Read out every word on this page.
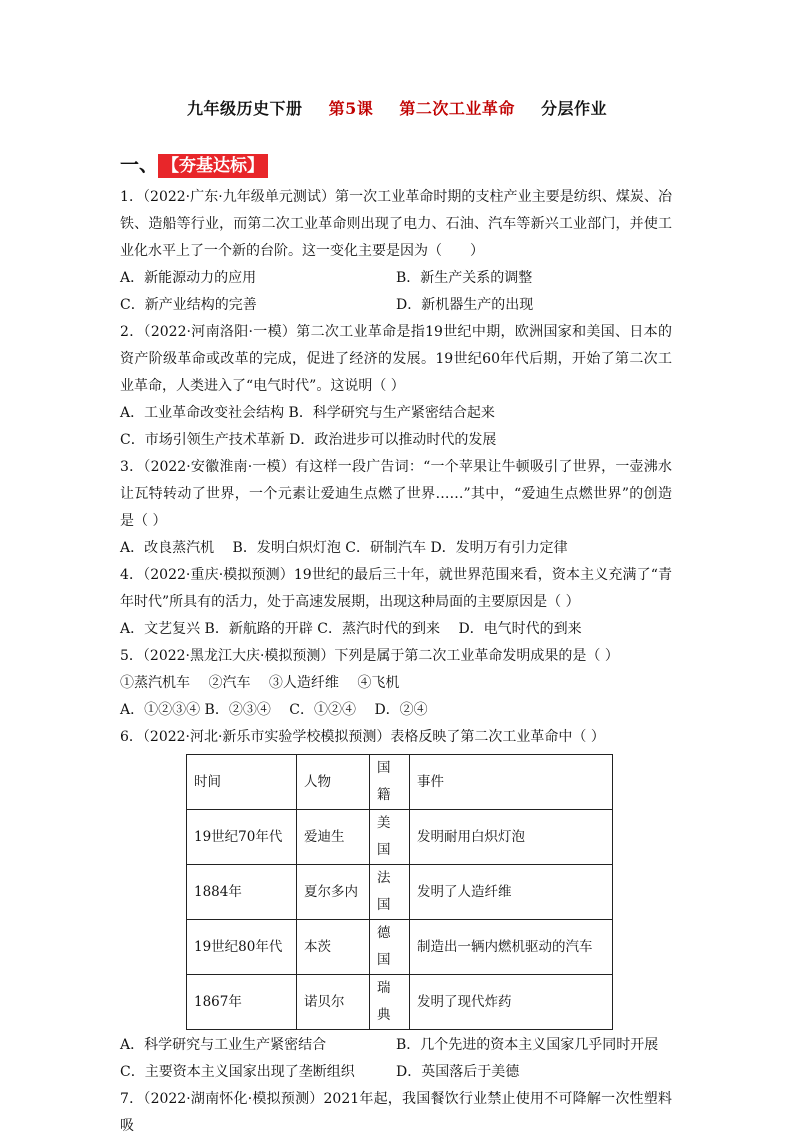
九年级历史下册 第5课 第二次工业革命 分层作业
一、 【夯基达标】

1．（2022·广东·九年级单元测试）第一次工业革命时期的支柱产业主要是纺织、煤炭、冶铁、造船等行业，而第二次工业革命则出现了电力、石油、汽车等新兴工业部门，并使工业化水平上了一个新的台阶。这一变化主要是因为（　　）

A．新能源动力的应用	B．新生产关系的调整
C．新产业结构的完善	D．新机器生产的出现

2．（2022·河南洛阳·一模）第二次工业革命是指19世纪中期，欧洲国家和美国、日本的资产阶级革命或改革的完成，促进了经济的发展。19世纪60年代后期，开始了第二次工业革命，人类进入了“电气时代”。这说明（ ）

A．工业革命改变社会结构 B．科学研究与生产紧密结合起来
C．市场引领生产技术革新 D．政治进步可以推动时代的发展

3．（2022·安徽淮南·一模）有这样一段广告词：“一个苹果让牛顿吸引了世界，一壶沸水让瓦特转动了世界，一个元素让爱迪生点燃了世界……”其中，“爱迪生点燃世界”的创造是（ ）

A．改良蒸汽机　 B．发明白炽灯泡 C．研制汽车 D．发明万有引力定律

4．（2022·重庆·模拟预测）19世纪的最后三十年，就世界范围来看，资本主义充满了“青年时代”所具有的活力，处于高速发展期，出现这种局面的主要原因是（ ）

A．文艺复兴 B．新航路的开辟 C．蒸汽时代的到来　 D．电气时代的到来

5．（2022·黑龙江大庆·模拟预测）下列是属于第二次工业革命发明成果的是（ ）

①蒸汽机车　 ②汽车　 ③人造纤维　 ④飞机
A．①②③④ B．②③④　 C．①②④　 D．②④

6．（2022·河北·新乐市实验学校模拟预测）表格反映了第二次工业革命中（ ）

时间	人物	国籍	事件
19世纪70年代	爱迪生	美国	发明耐用白炽灯泡
1884年	夏尔多内	法国	发明了人造纤维
19世纪80年代	本茨	德国	制造出一辆内燃机驱动的汽车
1867年	诺贝尔	瑞典	发明了现代炸药
A．科学研究与工业生产紧密结合	B．几个先进的资本主义国家几乎同时开展
C．主要资本主义国家出现了垄断组织	D．英国落后于美德

7．（2022·湖南怀化·模拟预测）2021年起，我国餐饮行业禁止使用不可降解一次性塑料吸
